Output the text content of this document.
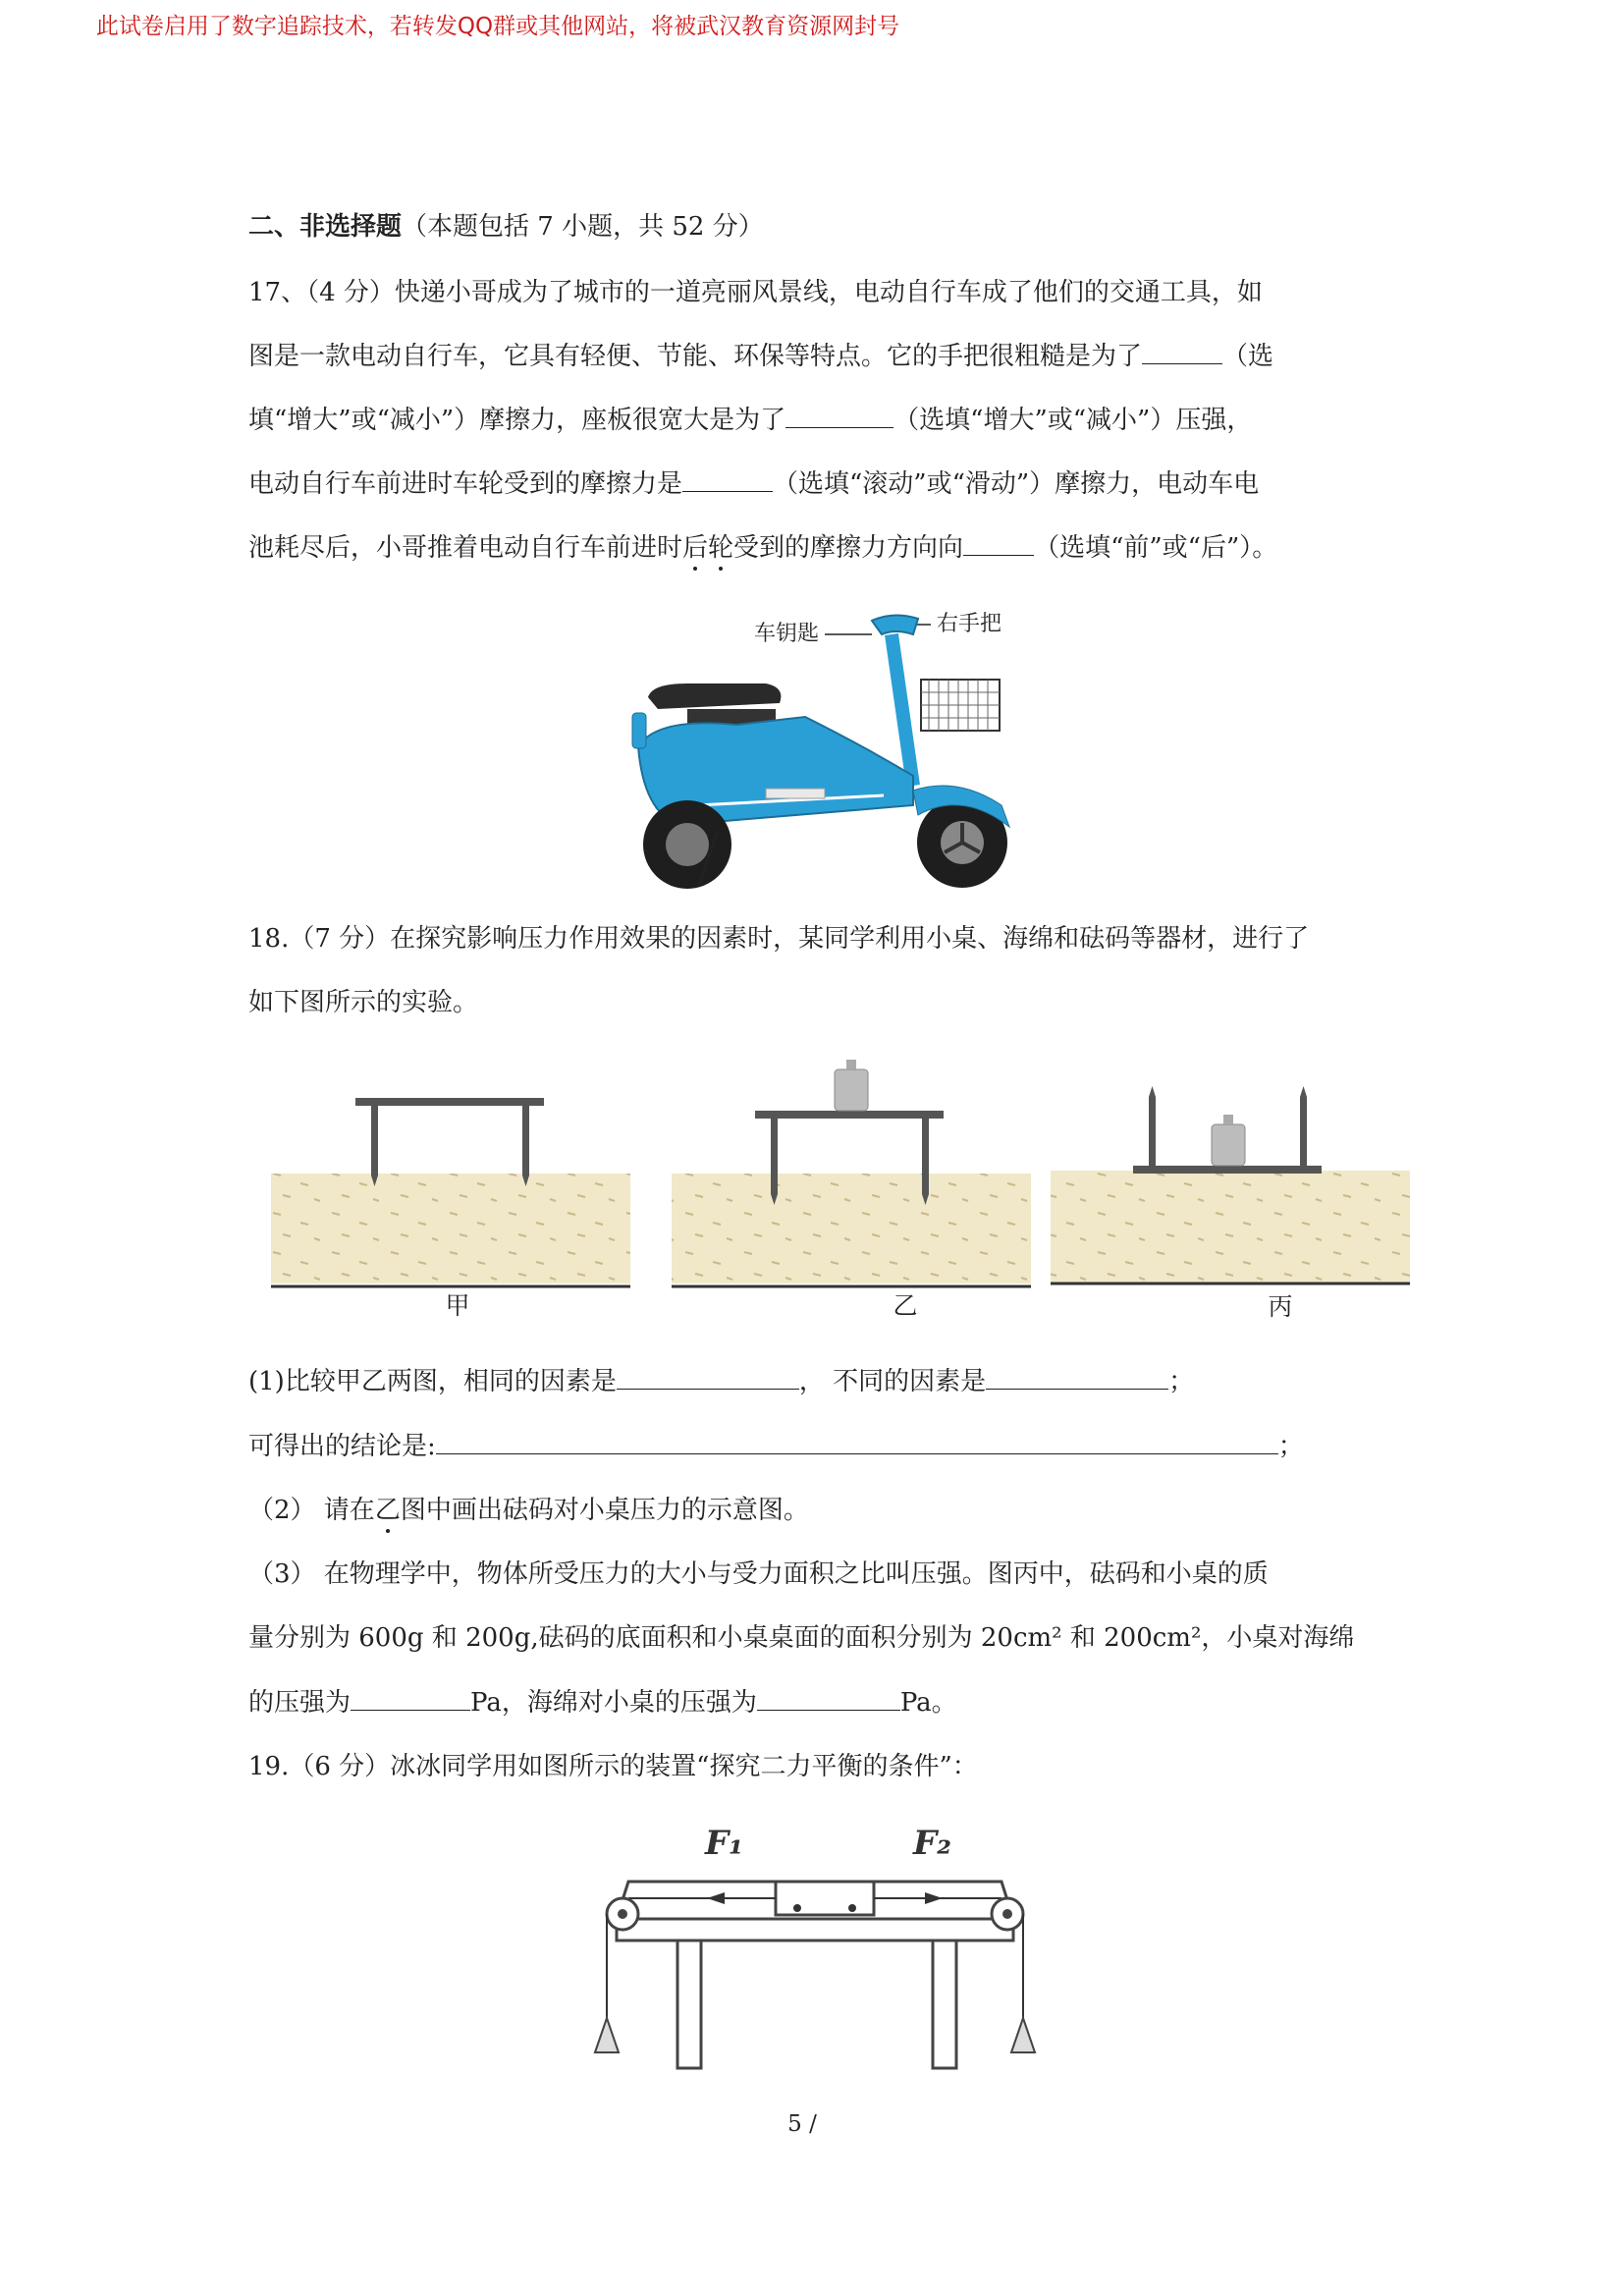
此试卷启用了数字追踪技术，若转发QQ群或其他网站，将被武汉教育资源网封号
二、非选择题（本题包括 7 小题，共 52 分）
17、（4 分）快递小哥成为了城市的一道亮丽风景线，电动自行车成了他们的交通工具，如
图是一款电动自行车，它具有轻便、节能、环保等特点。它的手把很粗糙是为了	（选
填“增大”或“减小”）摩擦力，座板很宽大是为了	（选填“增大”或“减小”）压强，
电动自行车前进时车轮受到的摩擦力是	（选填“滚动”或“滑动”）摩擦力，电动车电
池耗尽后，小哥推着电动自行车前进时后轮受到的摩擦力方向向	（选填“前”或“后”）。
车钥匙	右手把
18.（7 分）在探究影响压力作用效果的因素时，某同学利用小桌、海绵和砝码等器材，进行了
如下图所示的实验。
甲	乙	丙
(1)比较甲乙两图，相同的因素是	， 不同的因素是	；
可得出的结论是:	；
（2） 请在乙图中画出砝码对小桌压力的示意图。
（3） 在物理学中，物体所受压力的大小与受力面积之比叫压强。图丙中，砝码和小桌的质
量分别为 600g 和 200g,砝码的底面积和小桌桌面的面积分别为 20cm² 和 200cm²，小桌对海绵
的压强为	Pa，海绵对小桌的压强为	Pa。
19.（6 分）冰冰同学用如图所示的装置“探究二力平衡的条件”：
F₁	F₂
5 /
